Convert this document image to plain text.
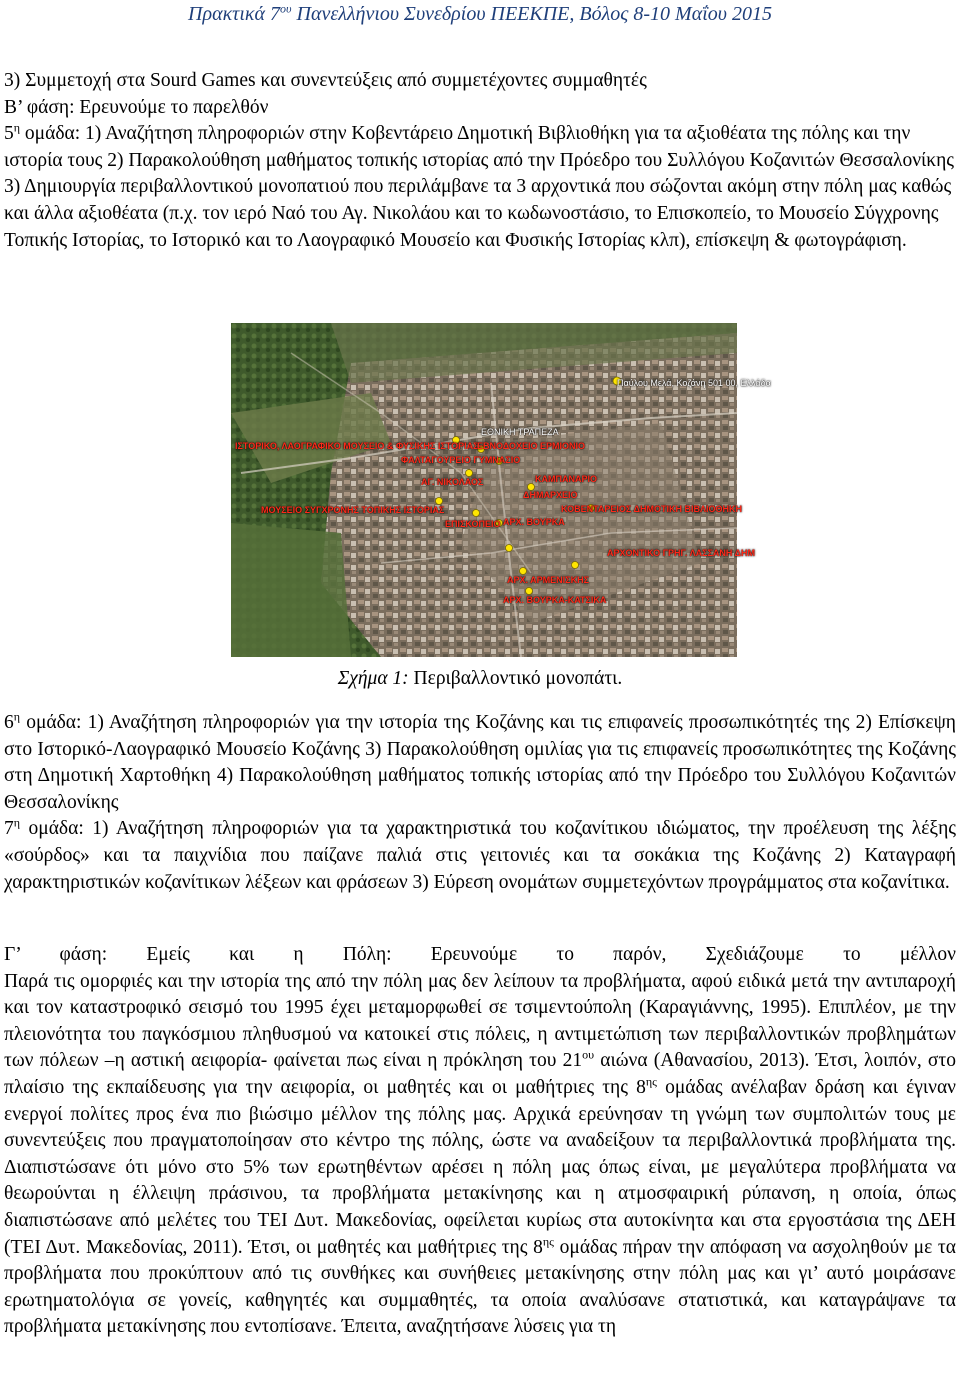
Πρακτικά $7^{o\upsilon}$ Πανελλήνιου Συνεδρίου ΠΕΕΚΠΕ, Βόλος 8-10 Μαΐου 2015

3) Συμμετοχή στα Sourd Games και συνεντεύξεις από συμμετέχοντες συμμαθητές

Β’ φάση: Ερευνούμε το παρελθόν

$5^\eta$ ομάδα: 1) Αναζήτηση πληροφοριών στην Κοβεντάρειο Δημοτική Βιβλιοθήκη για τα αξιοθέατα της πόλης και την ιστορία τους 2) Παρακολούθηση μαθήματος τοπικής ιστορίας από την Πρόεδρο του Συλλόγου Κοζανιτών Θεσσαλονίκης 3) Δημιουργία περιβαλλοντικού μονοπατιού που περιλάμβανε τα 3 αρχοντικά που σώζονται ακόμη στην πόλη μας καθώς και άλλα αξιοθέατα (π.χ. τον ιερό Ναό του Αγ. Νικολάου και το κωδωνοστάσιο, το Επισκοπείο, το Μουσείο Σύγχρονης Τοπικής Ιστορίας, το Ιστορικό και το Λαογραφικό Μουσείο και Φυσικής Ιστορίας κλπ), επίσκεψη & φωτογράφιση.

Παύλου Μελά, Κοζάνη 501 00, Ελλάδα
ΙΣΤΟΡΙΚΟ, ΛΑΟΓΡΑΦΙΚΟ ΜΟΥΣΕΙΟ & ΦΥΣΙΚΗΣ ΙΣΤΟΡΙΑΣ
ΕΘΝΙΚΗ ΤΡΑΠΕΖΑ
ΕΒΝΟΔΟΧΕΙΟ ΕΡΜΙΟΝΙΟ
ΦΑΛΤΑΓΟΥΡΕΙΟ ΓΥΜΝΑΣΙΟ
ΑΓ. ΝΙΚΟΛΑΟΣ	ΚΑΜΠΑΝΑΡΙΟ
ΔΗΜΑΡΧΕΙΟ
ΜΟΥΣΕΙΟ ΣΥΓΧΡΟΝΗΣ ΤΟΠΙΚΗΣ ΙΣΤΟΡΙΑΣ	ΚΟΒΕΝΤΑΡΕΙΟΣ ΔΗΜΟΤΙΚΗ ΒΙΒΛΙΟΘΗΚΗ
ΑΡΧ. ΒΟΥΡΚΑ
ΕΠΙΣΚΟΠΕΙΟ
ΑΡΧΟΝΤΙΚΟ ΓΡΗΓ. ΛΑΣΣΑΝΗ ΔΗΜ
ΑΡΧ. ΑΡΜΕΝΙΣΚΗΣ
ΑΡΧ. ΒΟΥΡΚΑ-ΚΑΤΣΙΚΑ
Σχήμα 1: Περιβαλλοντικό μονοπάτι.

$6^\eta$ ομάδα: 1) Αναζήτηση πληροφοριών για την ιστορία της Κοζάνης και τις επιφανείς προσωπικότητές της 2) Επίσκεψη στο Ιστορικό-Λαογραφικό Μουσείο Κοζάνης 3) Παρακολούθηση ομιλίας για τις επιφανείς προσωπικότητες της Κοζάνης στη Δημοτική Χαρτοθήκη 4) Παρακολούθηση μαθήματος τοπικής ιστορίας από την Πρόεδρο του Συλλόγου Κοζανιτών Θεσσαλονίκης

$7^\eta$ ομάδα: 1) Αναζήτηση πληροφοριών για τα χαρακτηριστικά του κοζανίτικου ιδιώματος, την προέλευση της λέξης «σούρδος» και τα παιχνίδια που παίζανε παλιά στις γειτονιές και τα σοκάκια της Κοζάνης 2) Καταγραφή χαρακτηριστικών κοζανίτικων λέξεων και φράσεων 3) Εύρεση ονομάτων συμμετεχόντων προγράμματος στα κοζανίτικα.

Γ’ φάση: Εμείς και η Πόλη: Ερευνούμε το παρόν, Σχεδιάζουμε το μέλλον

Παρά τις ομορφιές και την ιστορία της από την πόλη μας δεν λείπουν τα προβλήματα, αφού ειδικά μετά την αντιπαροχή και τον καταστροφικό σεισμό του 1995 έχει μεταμορφωθεί σε τσιμεντούπολη (Καραγιάννης, 1995). Επιπλέον, με την πλειονότητα του παγκόσμιου πληθυσμού να κατοικεί στις πόλεις, η αντιμετώπιση των περιβαλλοντικών προβλημάτων των πόλεων –η αστική αειφορία- φαίνεται πως είναι η πρόκληση του $21^{o\upsilon}$ αιώνα (Αθανασίου, 2013). Έτσι, λοιπόν, στο πλαίσιο της εκπαίδευσης για την αειφορία, οι μαθητές και οι μαθήτριες της $8^{\eta\varsigma}$ ομάδας ανέλαβαν δράση και έγιναν ενεργοί πολίτες προς ένα πιο βιώσιμο μέλλον της πόλης μας. Αρχικά ερεύνησαν τη γνώμη των συμπολιτών τους με συνεντεύξεις που πραγματοποίησαν στο κέντρο της πόλης, ώστε να αναδείξουν τα περιβαλλοντικά προβλήματα της. Διαπιστώσανε ότι μόνο στο 5% των ερωτηθέντων αρέσει η πόλη μας όπως είναι, με μεγαλύτερα προβλήματα να θεωρούνται η έλλειψη πράσινου, τα προβλήματα μετακίνησης και η ατμοσφαιρική ρύπανση, η οποία, όπως διαπιστώσανε από μελέτες του ΤΕΙ Δυτ. Μακεδονίας, οφείλεται κυρίως στα αυτοκίνητα και στα εργοστάσια της ΔΕΗ (ΤΕΙ Δυτ. Μακεδονίας, 2011). Έτσι, οι μαθητές και μαθήτριες της $8^{\eta\varsigma}$ ομάδας πήραν την απόφαση να ασχοληθούν με τα προβλήματα που προκύπτουν από τις συνθήκες και συνήθειες μετακίνησης στην πόλη μας και γι’ αυτό μοιράσανε ερωτηματολόγια σε γονείς, καθηγητές και συμμαθητές, τα οποία αναλύσανε στατιστικά, και καταγράψανε τα προβλήματα μετακίνησης που εντοπίσανε. Έπειτα, αναζητήσανε λύσεις για τη
